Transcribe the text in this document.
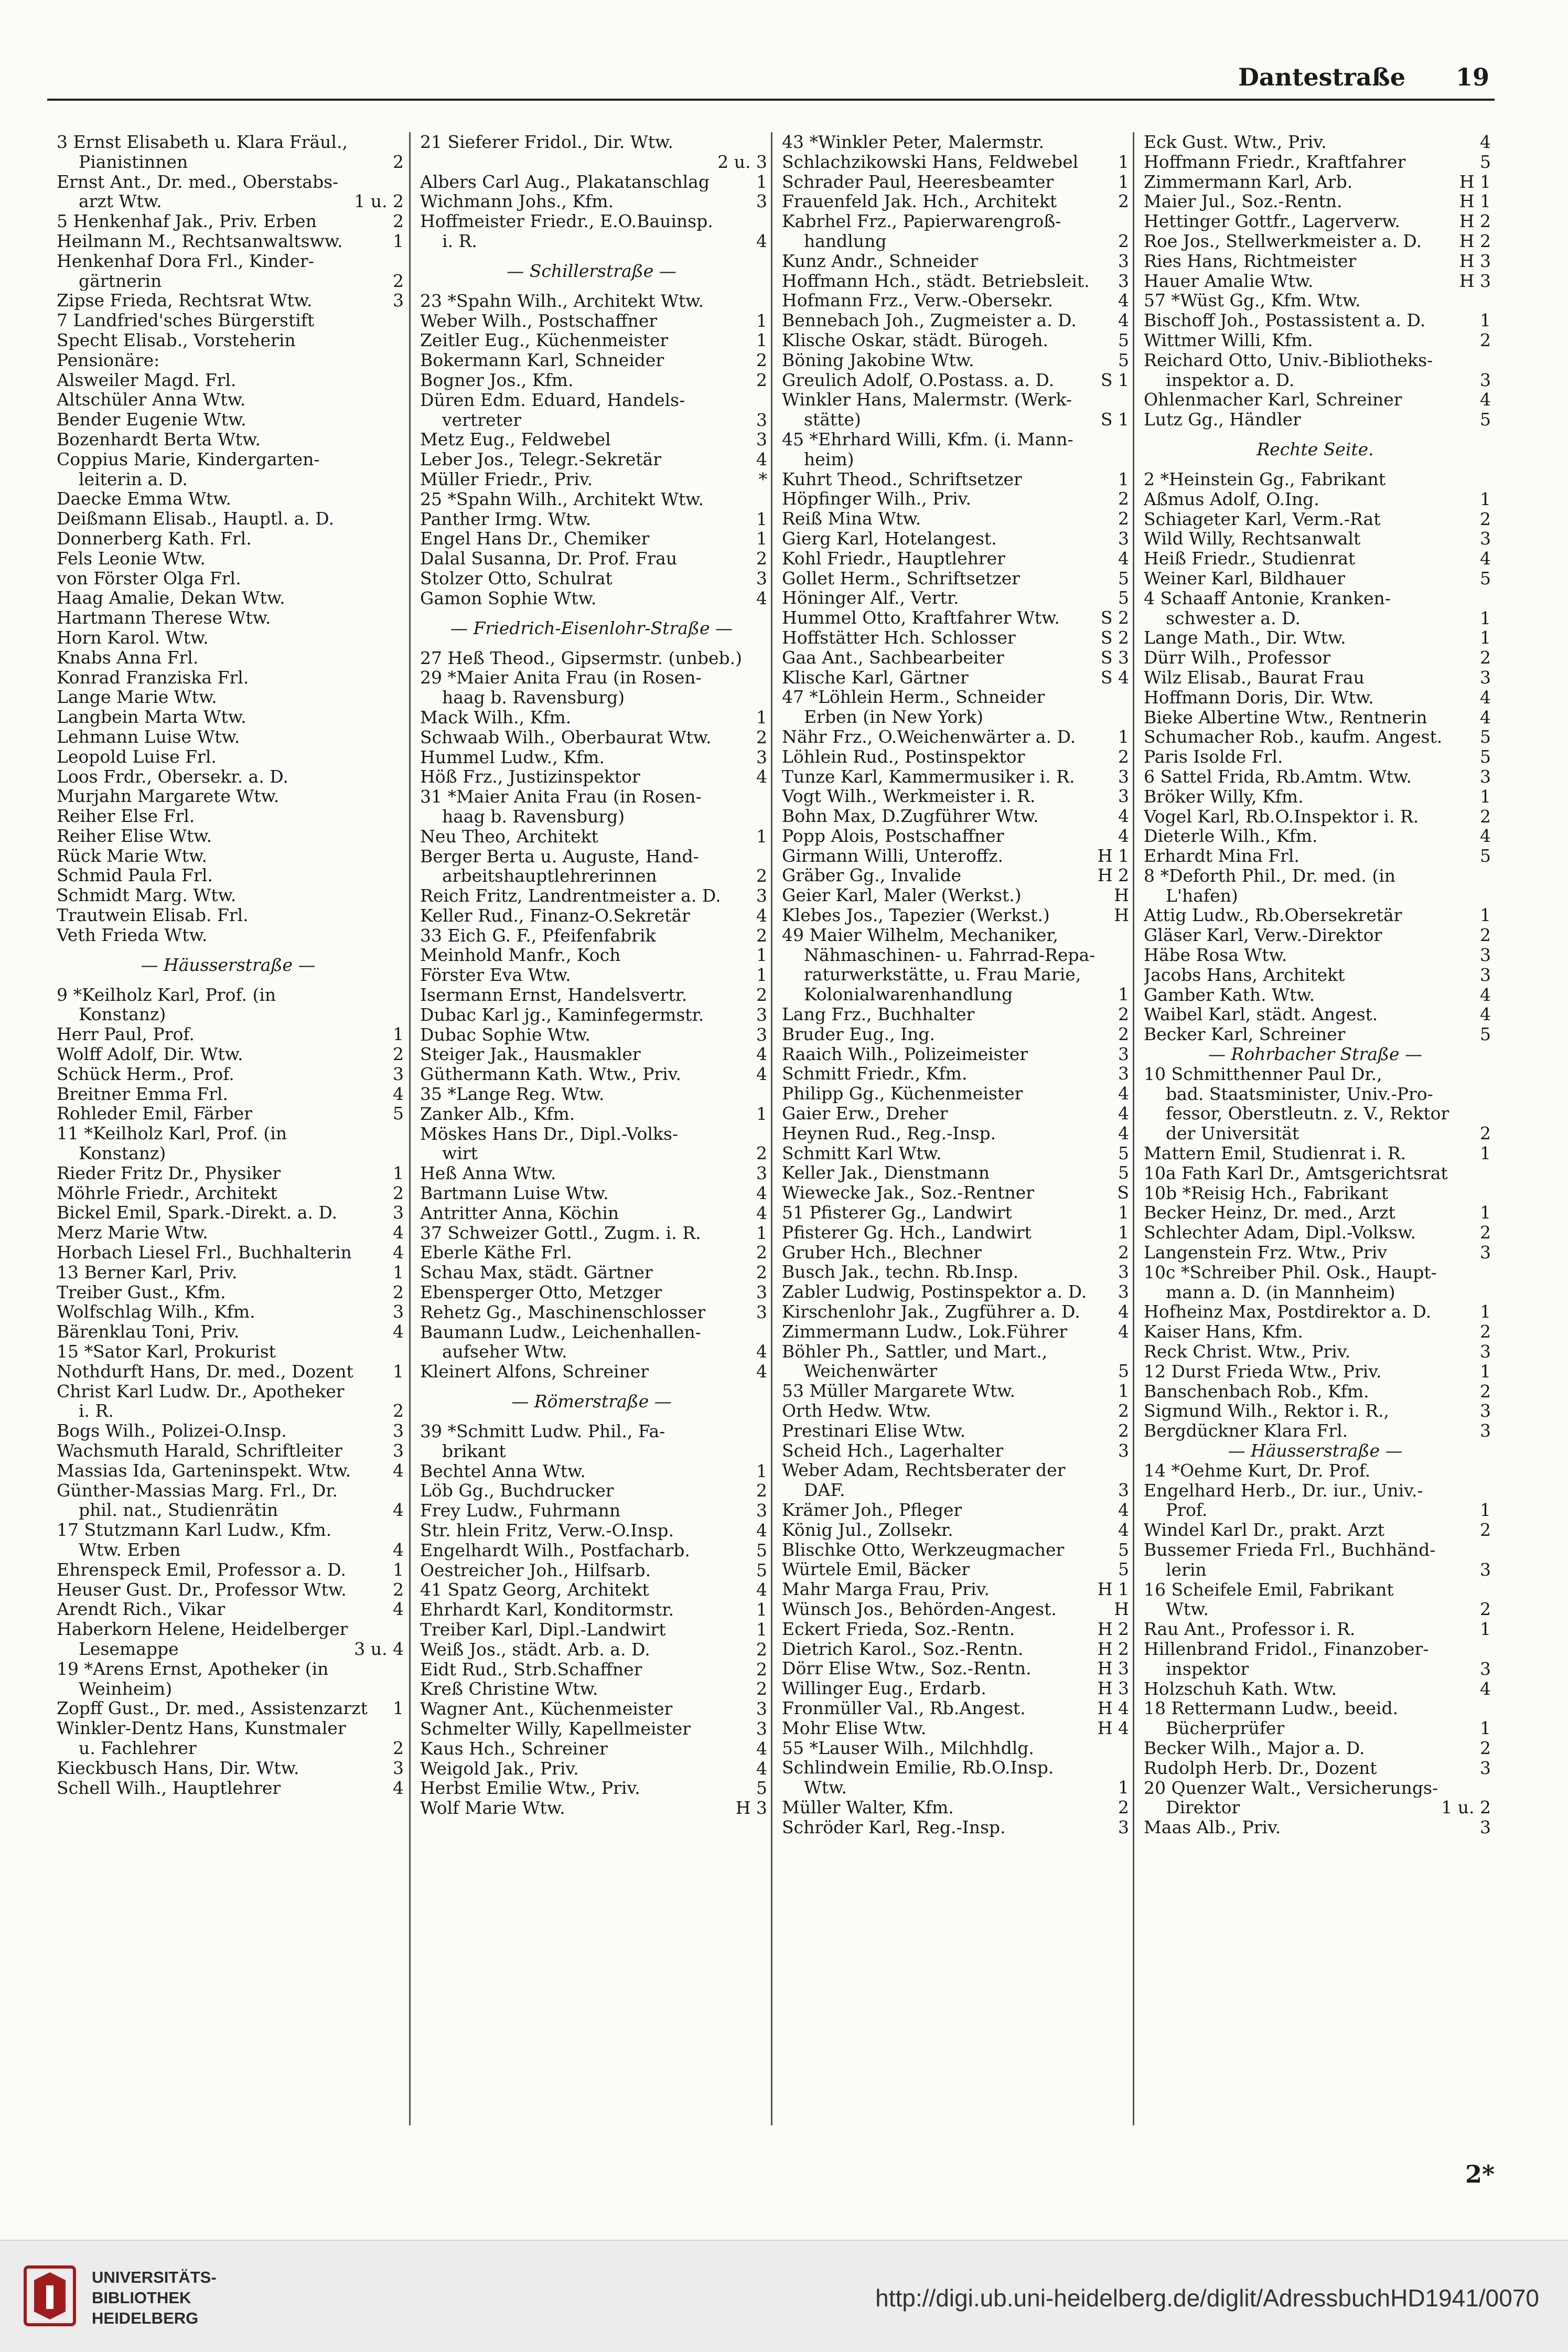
Dantestraße 19
3 Ernst Elisabeth u. Klara Fräul.,
Pianistinnen	2
Ernst Ant., Dr. med., Oberstabs-
arzt Wtw.	1 u. 2
5 Henkenhaf Jak., Priv. Erben	2
Heilmann M., Rechtsanwaltsww.	1
Henkenhaf Dora Frl., Kinder-
gärtnerin	2
Zipse Frieda, Rechtsrat Wtw.	3
7 Landfried'sches Bürgerstift
Specht Elisab., Vorsteherin
Pensionäre:
Alsweiler Magd. Frl.
Altschüler Anna Wtw.
Bender Eugenie Wtw.
Bozenhardt Berta Wtw.
Coppius Marie, Kindergarten-
leiterin a. D.
Daecke Emma Wtw.
Deißmann Elisab., Hauptl. a. D.
Donnerberg Kath. Frl.
Fels Leonie Wtw.
von Förster Olga Frl.
Haag Amalie, Dekan Wtw.
Hartmann Therese Wtw.
Horn Karol. Wtw.
Knabs Anna Frl.
Konrad Franziska Frl.
Lange Marie Wtw.
Langbein Marta Wtw.
Lehmann Luise Wtw.
Leopold Luise Frl.
Loos Frdr., Obersekr. a. D.
Murjahn Margarete Wtw.
Reiher Else Frl.
Reiher Elise Wtw.
Rück Marie Wtw.
Schmid Paula Frl.
Schmidt Marg. Wtw.
Trautwein Elisab. Frl.
Veth Frieda Wtw.
— Häusserstraße —
9 *Keilholz Karl, Prof. (in
Konstanz)
Herr Paul, Prof.	1
Wolff Adolf, Dir. Wtw.	2
Schück Herm., Prof.	3
Breitner Emma Frl.	4
Rohleder Emil, Färber	5
11 *Keilholz Karl, Prof. (in
Konstanz)
Rieder Fritz Dr., Physiker	1
Möhrle Friedr., Architekt	2
Bickel Emil, Spark.-Direkt. a. D.	3
Merz Marie Wtw.	4
Horbach Liesel Frl., Buchhalterin	4
13 Berner Karl, Priv.	1
Treiber Gust., Kfm.	2
Wolfschlag Wilh., Kfm.	3
Bärenklau Toni, Priv.	4
15 *Sator Karl, Prokurist
Nothdurft Hans, Dr. med., Dozent	1
Christ Karl Ludw. Dr., Apotheker
i. R.	2
Bogs Wilh., Polizei-O.Insp.	3
Wachsmuth Harald, Schriftleiter	3
Massias Ida, Garteninspekt. Wtw.	4
Günther-Massias Marg. Frl., Dr.
phil. nat., Studienrätin	4
17 Stutzmann Karl Ludw., Kfm.
Wtw. Erben	4
Ehrenspeck Emil, Professor a. D.	1
Heuser Gust. Dr., Professor Wtw.	2
Arendt Rich., Vikar	4
Haberkorn Helene, Heidelberger
Lesemappe	3 u. 4
19 *Arens Ernst, Apotheker (in
Weinheim)
Zopff Gust., Dr. med., Assistenzarzt	1
Winkler-Dentz Hans, Kunstmaler
u. Fachlehrer	2
Kieckbusch Hans, Dir. Wtw.	3
Schell Wilh., Hauptlehrer	4
21 Sieferer Fridol., Dir. Wtw.
2 u. 3
Albers Carl Aug., Plakatanschlag	1
Wichmann Johs., Kfm.	3
Hoffmeister Friedr., E.O.Bauinsp.
i. R.	4
— Schillerstraße —
23 *Spahn Wilh., Architekt Wtw.
Weber Wilh., Postschaffner	1
Zeitler Eug., Küchenmeister	1
Bokermann Karl, Schneider	2
Bogner Jos., Kfm.	2
Düren Edm. Eduard, Handels-
vertreter	3
Metz Eug., Feldwebel	3
Leber Jos., Telegr.-Sekretär	4
Müller Friedr., Priv.	*
25 *Spahn Wilh., Architekt Wtw.
Panther Irmg. Wtw.	1
Engel Hans Dr., Chemiker	1
Dalal Susanna, Dr. Prof. Frau	2
Stolzer Otto, Schulrat	3
Gamon Sophie Wtw.	4
— Friedrich-Eisenlohr-Straße —
27 Heß Theod., Gipsermstr. (unbeb.)
29 *Maier Anita Frau (in Rosen-
haag b. Ravensburg)
Mack Wilh., Kfm.	1
Schwaab Wilh., Oberbaurat Wtw.	2
Hummel Ludw., Kfm.	3
Höß Frz., Justizinspektor	4
31 *Maier Anita Frau (in Rosen-
haag b. Ravensburg)
Neu Theo, Architekt	1
Berger Berta u. Auguste, Hand-
arbeitshauptlehrerinnen	2
Reich Fritz, Landrentmeister a. D.	3
Keller Rud., Finanz-O.Sekretär	4
33 Eich G. F., Pfeifenfabrik	2
Meinhold Manfr., Koch	1
Förster Eva Wtw.	1
Isermann Ernst, Handelsvertr.	2
Dubac Karl jg., Kaminfegermstr.	3
Dubac Sophie Wtw.	3
Steiger Jak., Hausmakler	4
Güthermann Kath. Wtw., Priv.	4
35 *Lange Reg. Wtw.
Zanker Alb., Kfm.	1
Möskes Hans Dr., Dipl.-Volks-
wirt	2
Heß Anna Wtw.	3
Bartmann Luise Wtw.	4
Antritter Anna, Köchin	4
37 Schweizer Gottl., Zugm. i. R.	1
Eberle Käthe Frl.	2
Schau Max, städt. Gärtner	2
Ebensperger Otto, Metzger	3
Rehetz Gg., Maschinenschlosser	3
Baumann Ludw., Leichenhallen-
aufseher Wtw.	4
Kleinert Alfons, Schreiner	4
— Römerstraße —
39 *Schmitt Ludw. Phil., Fa-
brikant
Bechtel Anna Wtw.	1
Löb Gg., Buchdrucker	2
Frey Ludw., Fuhrmann	3
Str. hlein Fritz, Verw.-O.Insp.	4
Engelhardt Wilh., Postfacharb.	5
Oestreicher Joh., Hilfsarb.	5
41 Spatz Georg, Architekt	4
Ehrhardt Karl, Konditormstr.	1
Treiber Karl, Dipl.-Landwirt	1
Weiß Jos., städt. Arb. a. D.	2
Eidt Rud., Strb.Schaffner	2
Kreß Christine Wtw.	2
Wagner Ant., Küchenmeister	3
Schmelter Willy, Kapellmeister	3
Kaus Hch., Schreiner	4
Weigold Jak., Priv.	4
Herbst Emilie Wtw., Priv.	5
Wolf Marie Wtw.	H 3
43 *Winkler Peter, Malermstr.
Schlachzikowski Hans, Feldwebel	1
Schrader Paul, Heeresbeamter	1
Frauenfeld Jak. Hch., Architekt	2
Kabrhel Frz., Papierwarengroß-
handlung	2
Kunz Andr., Schneider	3
Hoffmann Hch., städt. Betriebsleit.	3
Hofmann Frz., Verw.-Obersekr.	4
Bennebach Joh., Zugmeister a. D.	4
Klische Oskar, städt. Bürogeh.	5
Böning Jakobine Wtw.	5
Greulich Adolf, O.Postass. a. D.	S 1
Winkler Hans, Malermstr. (Werk-
stätte)	S 1
45 *Ehrhard Willi, Kfm. (i. Mann-
heim)
Kuhrt Theod., Schriftsetzer	1
Höpfinger Wilh., Priv.	2
Reiß Mina Wtw.	2
Gierg Karl, Hotelangest.	3
Kohl Friedr., Hauptlehrer	4
Gollet Herm., Schriftsetzer	5
Höninger Alf., Vertr.	5
Hummel Otto, Kraftfahrer Wtw.	S 2
Hoffstätter Hch. Schlosser	S 2
Gaa Ant., Sachbearbeiter	S 3
Klische Karl, Gärtner	S 4
47 *Löhlein Herm., Schneider
Erben (in New York)
Nähr Frz., O.Weichenwärter a. D.	1
Löhlein Rud., Postinspektor	2
Tunze Karl, Kammermusiker i. R.	3
Vogt Wilh., Werkmeister i. R.	3
Bohn Max, D.Zugführer Wtw.	4
Popp Alois, Postschaffner	4
Girmann Willi, Unteroffz.	H 1
Gräber Gg., Invalide	H 2
Geier Karl, Maler (Werkst.)	H
Klebes Jos., Tapezier (Werkst.)	H
49 Maier Wilhelm, Mechaniker,
Nähmaschinen- u. Fahrrad-Repa-
raturwerkstätte, u. Frau Marie,
Kolonialwarenhandlung	1
Lang Frz., Buchhalter	2
Bruder Eug., Ing.	2
Raaich Wilh., Polizeimeister	3
Schmitt Friedr., Kfm.	3
Philipp Gg., Küchenmeister	4
Gaier Erw., Dreher	4
Heynen Rud., Reg.-Insp.	4
Schmitt Karl Wtw.	5
Keller Jak., Dienstmann	5
Wiewecke Jak., Soz.-Rentner	S
51 Pfisterer Gg., Landwirt	1
Pfisterer Gg. Hch., Landwirt	1
Gruber Hch., Blechner	2
Busch Jak., techn. Rb.Insp.	3
Zabler Ludwig, Postinspektor a. D.	3
Kirschenlohr Jak., Zugführer a. D.	4
Zimmermann Ludw., Lok.Führer	4
Böhler Ph., Sattler, und Mart.,
Weichenwärter	5
53 Müller Margarete Wtw.	1
Orth Hedw. Wtw.	2
Prestinari Elise Wtw.	2
Scheid Hch., Lagerhalter	3
Weber Adam, Rechtsberater der
DAF.	3
Krämer Joh., Pfleger	4
König Jul., Zollsekr.	4
Blischke Otto, Werkzeugmacher	5
Würtele Emil, Bäcker	5
Mahr Marga Frau, Priv.	H 1
Wünsch Jos., Behörden-Angest.	H
Eckert Frieda, Soz.-Rentn.	H 2
Dietrich Karol., Soz.-Rentn.	H 2
Dörr Elise Wtw., Soz.-Rentn.	H 3
Willinger Eug., Erdarb.	H 3
Fronmüller Val., Rb.Angest.	H 4
Mohr Elise Wtw.	H 4
55 *Lauser Wilh., Milchhdlg.
Schlindwein Emilie, Rb.O.Insp.
Wtw.	1
Müller Walter, Kfm.	2
Schröder Karl, Reg.-Insp.	3
Eck Gust. Wtw., Priv.	4
Hoffmann Friedr., Kraftfahrer	5
Zimmermann Karl, Arb.	H 1
Maier Jul., Soz.-Rentn.	H 1
Hettinger Gottfr., Lagerverw.	H 2
Roe Jos., Stellwerkmeister a. D.	H 2
Ries Hans, Richtmeister	H 3
Hauer Amalie Wtw.	H 3
57 *Wüst Gg., Kfm. Wtw.
Bischoff Joh., Postassistent a. D.	1
Wittmer Willi, Kfm.	2
Reichard Otto, Univ.-Bibliotheks-
inspektor a. D.	3
Ohlenmacher Karl, Schreiner	4
Lutz Gg., Händler	5
Rechte Seite.
2 *Heinstein Gg., Fabrikant
Aßmus Adolf, O.Ing.	1
Schiageter Karl, Verm.-Rat	2
Wild Willy, Rechtsanwalt	3
Heiß Friedr., Studienrat	4
Weiner Karl, Bildhauer	5
4 Schaaff Antonie, Kranken-
schwester a. D.	1
Lange Math., Dir. Wtw.	1
Dürr Wilh., Professor	2
Wilz Elisab., Baurat Frau	3
Hoffmann Doris, Dir. Wtw.	4
Bieke Albertine Wtw., Rentnerin	4
Schumacher Rob., kaufm. Angest.	5
Paris Isolde Frl.	5
6 Sattel Frida, Rb.Amtm. Wtw.	3
Bröker Willy, Kfm.	1
Vogel Karl, Rb.O.Inspektor i. R.	2
Dieterle Wilh., Kfm.	4
Erhardt Mina Frl.	5
8 *Deforth Phil., Dr. med. (in
L'hafen)
Attig Ludw., Rb.Obersekretär	1
Gläser Karl, Verw.-Direktor	2
Häbe Rosa Wtw.	3
Jacobs Hans, Architekt	3
Gamber Kath. Wtw.	4
Waibel Karl, städt. Angest.	4
Becker Karl, Schreiner	5
— Rohrbacher Straße —
10 Schmitthenner Paul Dr.,
bad. Staatsminister, Univ.-Pro-
fessor, Oberstleutn. z. V., Rektor
der Universität	2
Mattern Emil, Studienrat i. R.	1
10a Fath Karl Dr., Amtsgerichtsrat
10b *Reisig Hch., Fabrikant
Becker Heinz, Dr. med., Arzt	1
Schlechter Adam, Dipl.-Volksw.	2
Langenstein Frz. Wtw., Priv	3
10c *Schreiber Phil. Osk., Haupt-
mann a. D. (in Mannheim)
Hofheinz Max, Postdirektor a. D.	1
Kaiser Hans, Kfm.	2
Reck Christ. Wtw., Priv.	3
12 Durst Frieda Wtw., Priv.	1
Banschenbach Rob., Kfm.	2
Sigmund Wilh., Rektor i. R.,	3
Bergdückner Klara Frl.	3
— Häusserstraße —
14 *Oehme Kurt, Dr. Prof.
Engelhard Herb., Dr. iur., Univ.-
Prof.	1
Windel Karl Dr., prakt. Arzt	2
Bussemer Frieda Frl., Buchhänd-
lerin	3
16 Scheifele Emil, Fabrikant
Wtw.	2
Rau Ant., Professor i. R.	1
Hillenbrand Fridol., Finanzober-
inspektor	3
Holzschuh Kath. Wtw.	4
18 Rettermann Ludw., beeid.
Bücherprüfer	1
Becker Wilh., Major a. D.	2
Rudolph Herb. Dr., Dozent	3
20 Quenzer Walt., Versicherungs-
Direktor	1 u. 2
Maas Alb., Priv.	3
2*
UNIVERSITÄTS-
BIBLIOTHEK
HEIDELBERG
http://digi.ub.uni-heidelberg.de/diglit/AdressbuchHD1941/0070
